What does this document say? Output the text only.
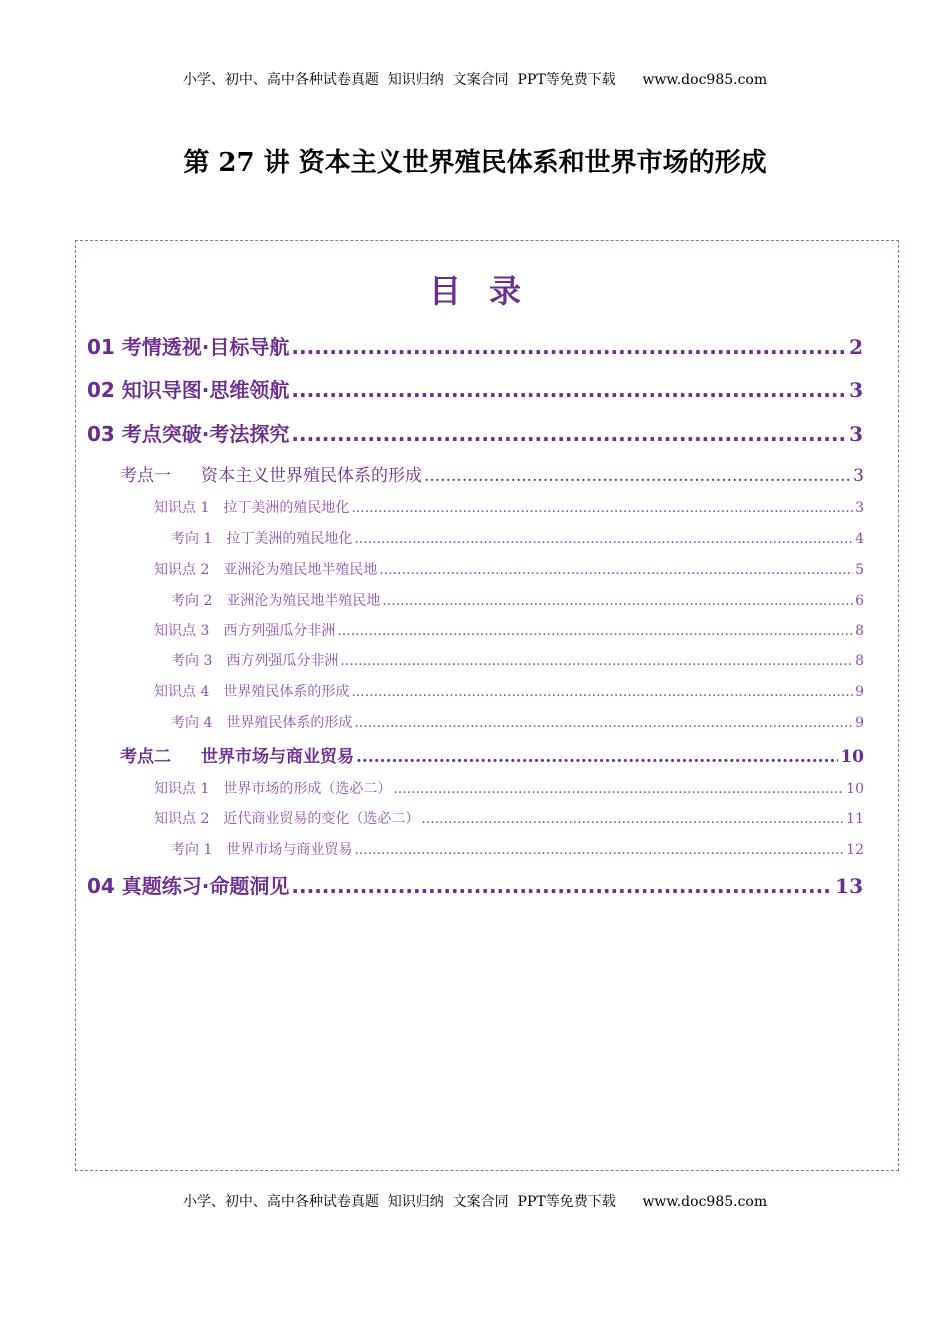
小学、初中、高中各种试卷真题  知识归纳  文案合同  PPT等免费下载      www.doc985.com
第 27 讲 资本主义世界殖民体系和世界市场的形成
目录
01 考情透视·目标导航 .....	2
02 知识导图·思维领航 .....	3
03 考点突破·考法探究 .....	3
考点一 资本主义世界殖民体系的形成 .....	3
知识点 1 拉丁美洲的殖民地化 .....	3
考向 1 拉丁美洲的殖民地化 .....	4
知识点 2 亚洲沦为殖民地半殖民地 .....	5
考向 2 亚洲沦为殖民地半殖民地 .....	6
知识点 3 西方列强瓜分非洲 .....	8
考向 3 西方列强瓜分非洲 .....	8
知识点 4 世界殖民体系的形成 .....	9
考向 4 世界殖民体系的形成 .....	9
考点二 世界市场与商业贸易 .....	10
知识点 1 世界市场的形成（选必二） .....	10
知识点 2 近代商业贸易的变化（选必二） .....	11
考向 1 世界市场与商业贸易 .....	12
04 真题练习·命题洞见 .....	13
小学、初中、高中各种试卷真题  知识归纳  文案合同  PPT等免费下载      www.doc985.com
